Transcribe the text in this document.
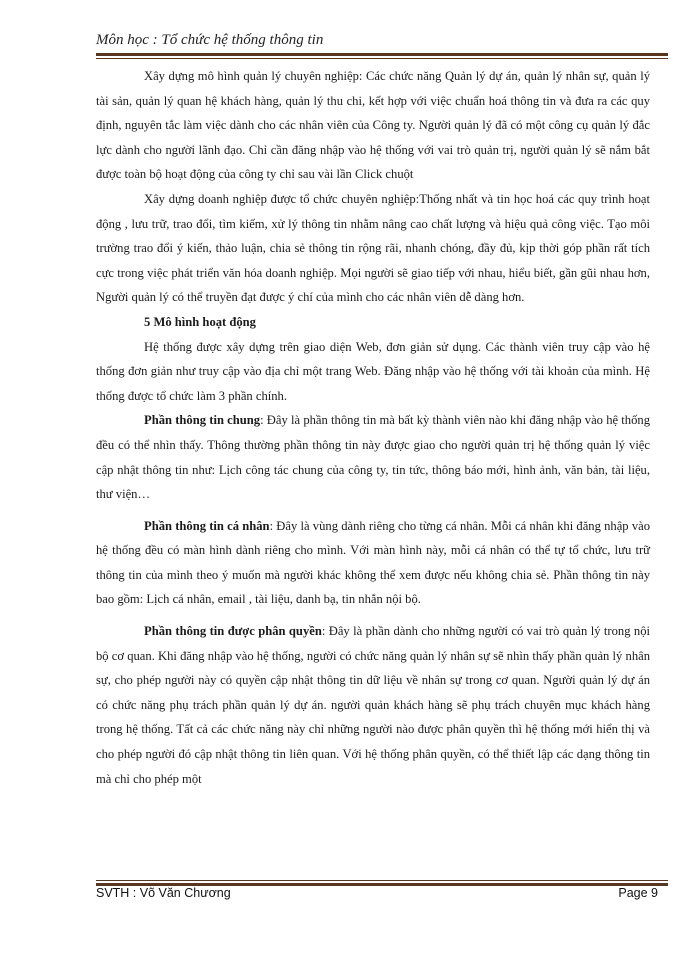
Môn học : Tổ chức hệ thống thông tin

Xây dựng mô hình quản lý chuyên nghiệp: Các chức năng Quản lý dự án, quản lý nhân sự, quản lý tài sản, quản lý quan hệ khách hàng, quản lý thu chi, kết hợp với việc chuẩn hoá thông tin và đưa ra các quy định, nguyên tắc làm việc dành cho các nhân viên của Công ty. Người quản lý đã có một công cụ quản lý đắc lực dành cho người lãnh đạo. Chỉ cần đăng nhập vào hệ thống với vai trò quản trị, người quản lý sẽ nắm bắt được toàn bộ hoạt động của công ty chỉ sau vài lần Click chuột

Xây dựng doanh nghiệp được tổ chức chuyên nghiệp:Thống nhất và tin học hoá các quy trình hoạt động , lưu trữ, trao đổi, tìm kiếm, xử lý thông tin nhằm nâng cao chất lượng và hiệu quả công việc. Tạo môi trường trao đổi ý kiến, thảo luận, chia sẻ thông tin rộng rãi, nhanh chóng, đầy đủ, kịp thời góp phần rất tích cực trong việc phát triển văn hóa doanh nghiệp. Mọi người sẽ giao tiếp với nhau, hiểu biết, gần gũi nhau hơn, Người quản lý có thể truyền đạt được ý chí của mình cho các nhân viên dễ dàng hơn.

5 Mô hình hoạt động

Hệ thống được xây dựng trên giao diện Web, đơn giản sử dụng. Các thành viên truy cập vào hệ thống đơn giản như truy cập vào địa chỉ một trang Web. Đăng nhập vào hệ thống với tài khoản của mình. Hệ thống được tổ chức làm 3 phần chính.

Phần thông tin chung: Đây là phần thông tin mà bất kỳ thành viên nào khi đăng nhập vào hệ thống đều có thể nhìn thấy. Thông thường phần thông tin này được giao cho người quản trị hệ thống quản lý việc cập nhật thông tin như: Lịch công tác chung của công ty, tin tức, thông báo mới, hình ảnh, văn bản, tài liệu, thư viện…

Phần thông tin cá nhân: Đây là vùng dành riêng cho từng cá nhân. Mỗi cá nhân khi đăng nhập vào hệ thống đều có màn hình dành riêng cho mình. Với màn hình này, mỗi cá nhân có thể tự tổ chức, lưu trữ thông tin của mình theo ý muốn mà người khác không thể xem được nếu không chia sẻ. Phần thông tin này bao gồm: Lịch cá nhân, email , tài liệu, danh bạ, tin nhắn nội bộ.

Phần thông tin được phân quyền: Đây là phần dành cho những người có vai trò quản lý trong nội bộ cơ quan. Khi đăng nhập vào hệ thống, người có chức năng quản lý nhân sự sẽ nhìn thấy phần quản lý nhân sự, cho phép người này có quyền cập nhật thông tin dữ liệu về nhân sự trong cơ quan. Người quản lý dự án có chức năng phụ trách phần quản lý dự án. người quản khách hàng sẽ phụ trách chuyên mục khách hàng trong hệ thống. Tất cả các chức năng này chỉ những người nào được phân quyền thì hệ thống mới hiển thị và cho phép người đó cập nhật thông tin liên quan. Với hệ thống phân quyền, có thể thiết lập các dạng thông tin mà chỉ cho phép một

SVTH : Võ Văn Chương	Page 9
